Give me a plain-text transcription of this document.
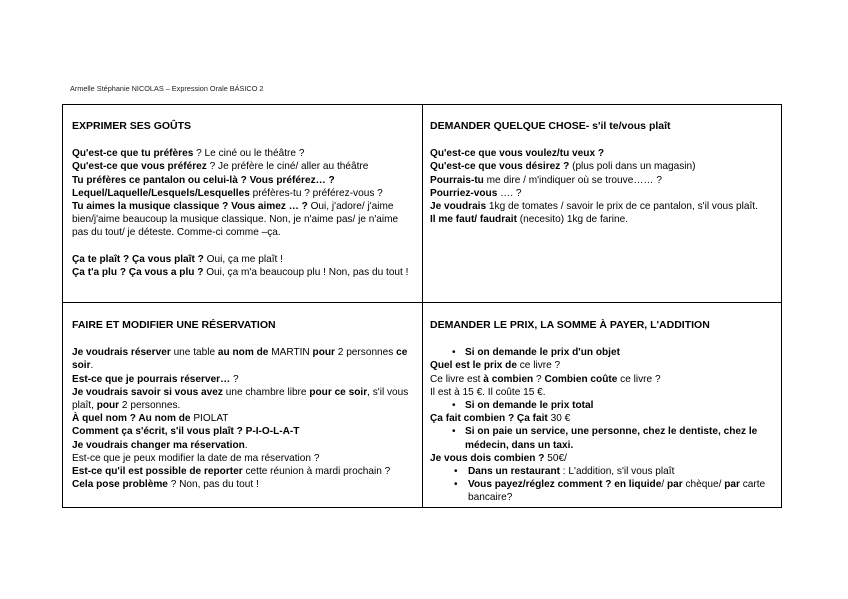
Armelle Stéphanie NICOLAS – Expression Orale BÁSICO 2
EXPRIMER SES GOÛTS

Qu'est-ce que tu préfères ? Le ciné ou le théâtre ?

Qu'est-ce que vous préférez ? Je préfère le ciné/ aller au théâtre

Tu préfères ce pantalon ou celui-là ? Vous préférez… ?

Lequel/Laquelle/Lesquels/Lesquelles préfères-tu ? préférez-vous ?

Tu aimes la musique classique ? Vous aimez … ? Oui, j'adore/ j'aime bien/j'aime beaucoup la musique classique. Non, je n'aime pas/ je n'aime pas du tout/ je déteste. Comme-ci comme –ça.

Ça te plaît ? Ça vous plaît ? Oui, ça me plaît !

Ça t'a plu ? Ça vous a plu ? Oui, ça m'a beaucoup plu ! Non, pas du tout !

DEMANDER QUELQUE CHOSE- s'il te/vous plaît

Qu'est-ce que vous voulez/tu veux ?

Qu'est-ce que vous désirez ? (plus poli dans un magasin)

Pourrais-tu me dire / m'indiquer où se trouve…… ?

Pourriez-vous …. ?

Je voudrais 1kg de tomates / savoir le prix de ce pantalon, s'il vous plaît.

Il me faut/ faudrait (necesito) 1kg de farine.

FAIRE ET MODIFIER UNE RÉSERVATION

Je voudrais réserver une table au nom de MARTIN pour 2 personnes ce soir.

Est-ce que je pourrais réserver… ?

Je voudrais savoir si vous avez une chambre libre pour ce soir, s'il vous plaît, pour 2 personnes.

À quel nom ? Au nom de PIOLAT

Comment ça s'écrit, s'il vous plaît ? P-I-O-L-A-T

Je voudrais changer ma réservation.

Est-ce que je peux modifier la date de ma réservation ?

Est-ce qu'il est possible de reporter cette réunion à mardi prochain ?

Cela pose problème ? Non, pas du tout !

DEMANDER LE PRIX, LA SOMME À PAYER, L'ADDITION

• Si on demande le prix d'un objet

Quel est le prix de ce livre ?

Ce livre est à combien ? Combien coûte ce livre ?

Il est à 15 €. Il coûte 15 €.

• Si on demande le prix total

Ça fait combien ? Ça fait 30 €

• Si on paie un service, une personne, chez le dentiste, chez le médecin, dans un taxi.

Je vous dois combien ? 50€/

• Dans un restaurant : L'addition, s'il vous plaît

• Vous payez/réglez comment ? en liquide/ par chèque/ par carte bancaire?
